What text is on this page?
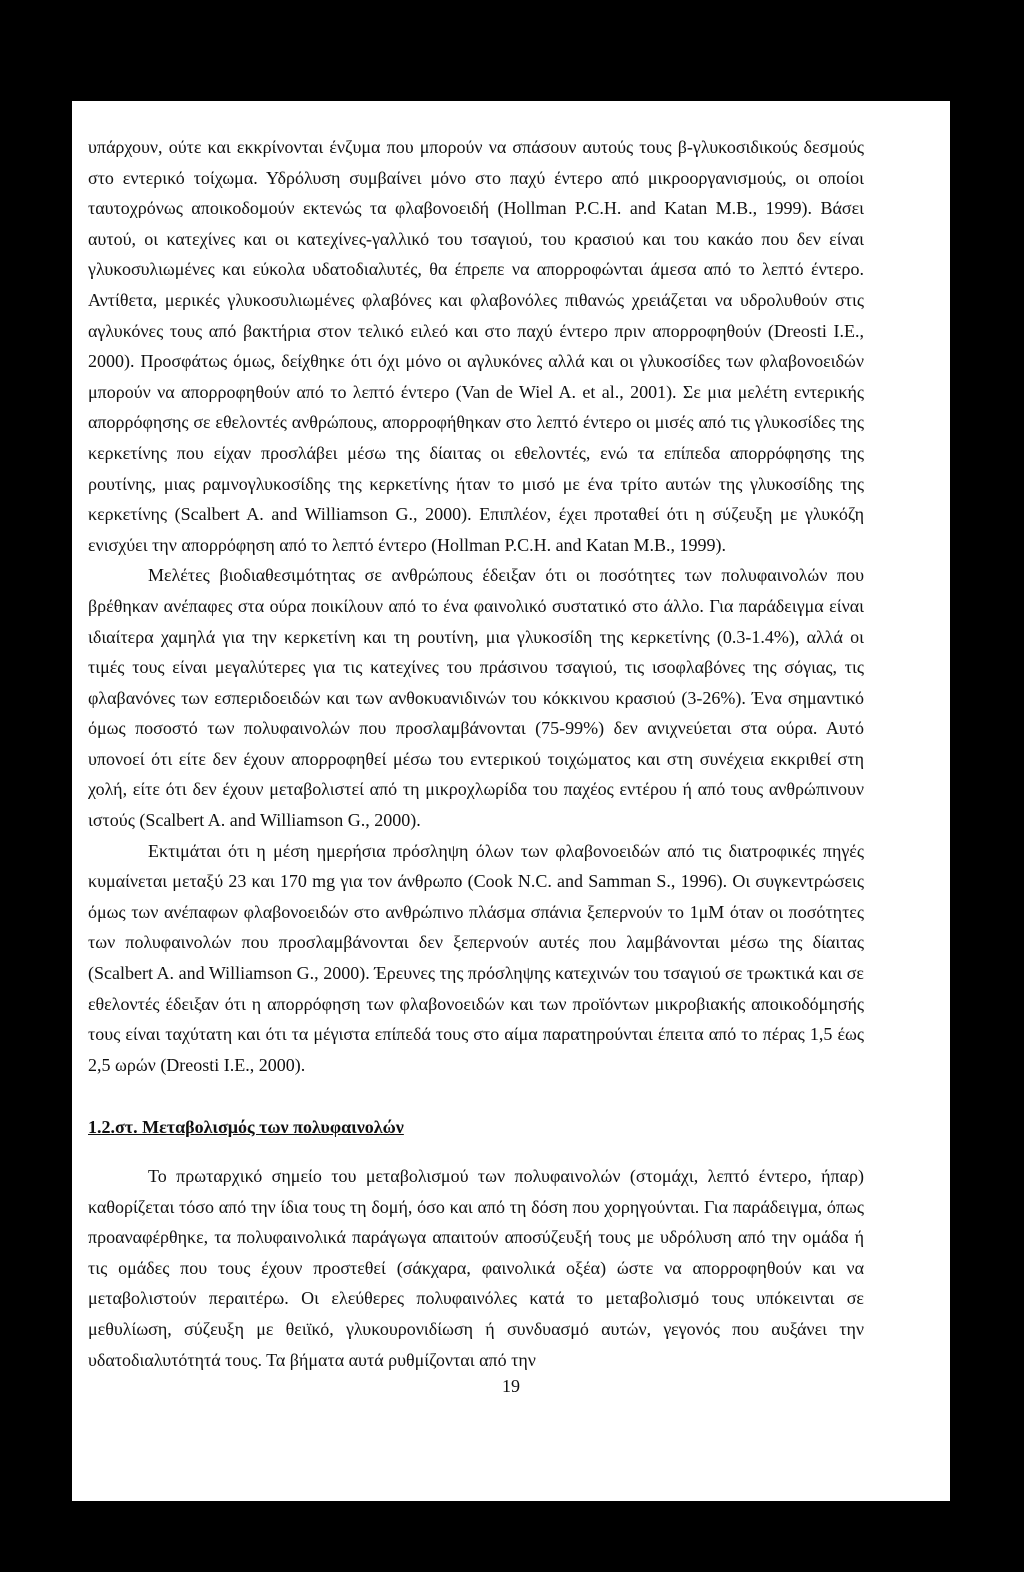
υπάρχουν, ούτε και εκκρίνονται ένζυμα που μπορούν να σπάσουν αυτούς τους β-γλυκοσιδικούς δεσμούς στο εντερικό τοίχωμα. Υδρόλυση συμβαίνει μόνο στο παχύ έντερο από μικροοργανισμούς, οι οποίοι ταυτοχρόνως αποικοδομούν εκτενώς τα φλαβονοειδή (Hollman P.C.H. and Katan M.B., 1999). Βάσει αυτού, οι κατεχίνες και οι κατεχίνες-γαλλικό του τσαγιού, του κρασιού και του κακάο που δεν είναι γλυκοσυλιωμένες και εύκολα υδατοδιαλυτές, θα έπρεπε να απορροφώνται άμεσα από το λεπτό έντερο. Αντίθετα, μερικές γλυκοσυλιωμένες φλαβόνες και φλαβονόλες πιθανώς χρειάζεται να υδρολυθούν στις αγλυκόνες τους από βακτήρια στον τελικό ειλεό και στο παχύ έντερο πριν απορροφηθούν (Dreosti I.E., 2000). Προσφάτως όμως, δείχθηκε ότι όχι μόνο οι αγλυκόνες αλλά και οι γλυκοσίδες των φλαβονοειδών μπορούν να απορροφηθούν από το λεπτό έντερο (Van de Wiel A. et al., 2001). Σε μια μελέτη εντερικής απορρόφησης σε εθελοντές ανθρώπους, απορροφήθηκαν στο λεπτό έντερο οι μισές από τις γλυκοσίδες της κερκετίνης που είχαν προσλάβει μέσω της δίαιτας οι εθελοντές, ενώ τα επίπεδα απορρόφησης της ρουτίνης, μιας ραμνογλυκοσίδης της κερκετίνης ήταν το μισό με ένα τρίτο αυτών της γλυκοσίδης της κερκετίνης (Scalbert A. and Williamson G., 2000). Επιπλέον, έχει προταθεί ότι η σύζευξη με γλυκόζη ενισχύει την απορρόφηση από το λεπτό έντερο (Hollman P.C.H. and Katan M.B., 1999).

Μελέτες βιοδιαθεσιμότητας σε ανθρώπους έδειξαν ότι οι ποσότητες των πολυφαινολών που βρέθηκαν ανέπαφες στα ούρα ποικίλουν από το ένα φαινολικό συστατικό στο άλλο. Για παράδειγμα είναι ιδιαίτερα χαμηλά για την κερκετίνη και τη ρουτίνη, μια γλυκοσίδη της κερκετίνης (0.3-1.4%), αλλά οι τιμές τους είναι μεγαλύτερες για τις κατεχίνες του πράσινου τσαγιού, τις ισοφλαβόνες της σόγιας, τις φλαβανόνες των εσπεριδοειδών και των ανθοκυανιδινών του κόκκινου κρασιού (3-26%). Ένα σημαντικό όμως ποσοστό των πολυφαινολών που προσλαμβάνονται (75-99%) δεν ανιχνεύεται στα ούρα. Αυτό υπονοεί ότι είτε δεν έχουν απορροφηθεί μέσω του εντερικού τοιχώματος και στη συνέχεια εκκριθεί στη χολή, είτε ότι δεν έχουν μεταβολιστεί από τη μικροχλωρίδα του παχέος εντέρου ή από τους ανθρώπινουν ιστούς (Scalbert A. and Williamson G., 2000).

Εκτιμάται ότι η μέση ημερήσια πρόσληψη όλων των φλαβονοειδών από τις διατροφικές πηγές κυμαίνεται μεταξύ 23 και 170 mg για τον άνθρωπο (Cook N.C. and Samman S., 1996). Οι συγκεντρώσεις όμως των ανέπαφων φλαβονοειδών στο ανθρώπινο πλάσμα σπάνια ξεπερνούν το 1μΜ όταν οι ποσότητες των πολυφαινολών που προσλαμβάνονται δεν ξεπερνούν αυτές που λαμβάνονται μέσω της δίαιτας (Scalbert A. and Williamson G., 2000). Έρευνες της πρόσληψης κατεχινών του τσαγιού σε τρωκτικά και σε εθελοντές έδειξαν ότι η απορρόφηση των φλαβονοειδών και των προϊόντων μικροβιακής αποικοδόμησής τους είναι ταχύτατη και ότι τα μέγιστα επίπεδά τους στο αίμα παρατηρούνται έπειτα από το πέρας 1,5 έως 2,5 ωρών (Dreosti I.E., 2000).

1.2.στ. Μεταβολισμός των πολυφαινολών

Το πρωταρχικό σημείο του μεταβολισμού των πολυφαινολών (στομάχι, λεπτό έντερο, ήπαρ) καθορίζεται τόσο από την ίδια τους τη δομή, όσο και από τη δόση που χορηγούνται. Για παράδειγμα, όπως προαναφέρθηκε, τα πολυφαινολικά παράγωγα απαιτούν αποσύζευξή τους με υδρόλυση από την ομάδα ή τις ομάδες που τους έχουν προστεθεί (σάκχαρα, φαινολικά οξέα) ώστε να απορροφηθούν και να μεταβολιστούν περαιτέρω. Οι ελεύθερες πολυφαινόλες κατά το μεταβολισμό τους υπόκεινται σε μεθυλίωση, σύζευξη με θειϊκό, γλυκουρονιδίωση ή συνδυασμό αυτών, γεγονός που αυξάνει την υδατοδιαλυτότητά τους. Τα βήματα αυτά ρυθμίζονται από την

19
